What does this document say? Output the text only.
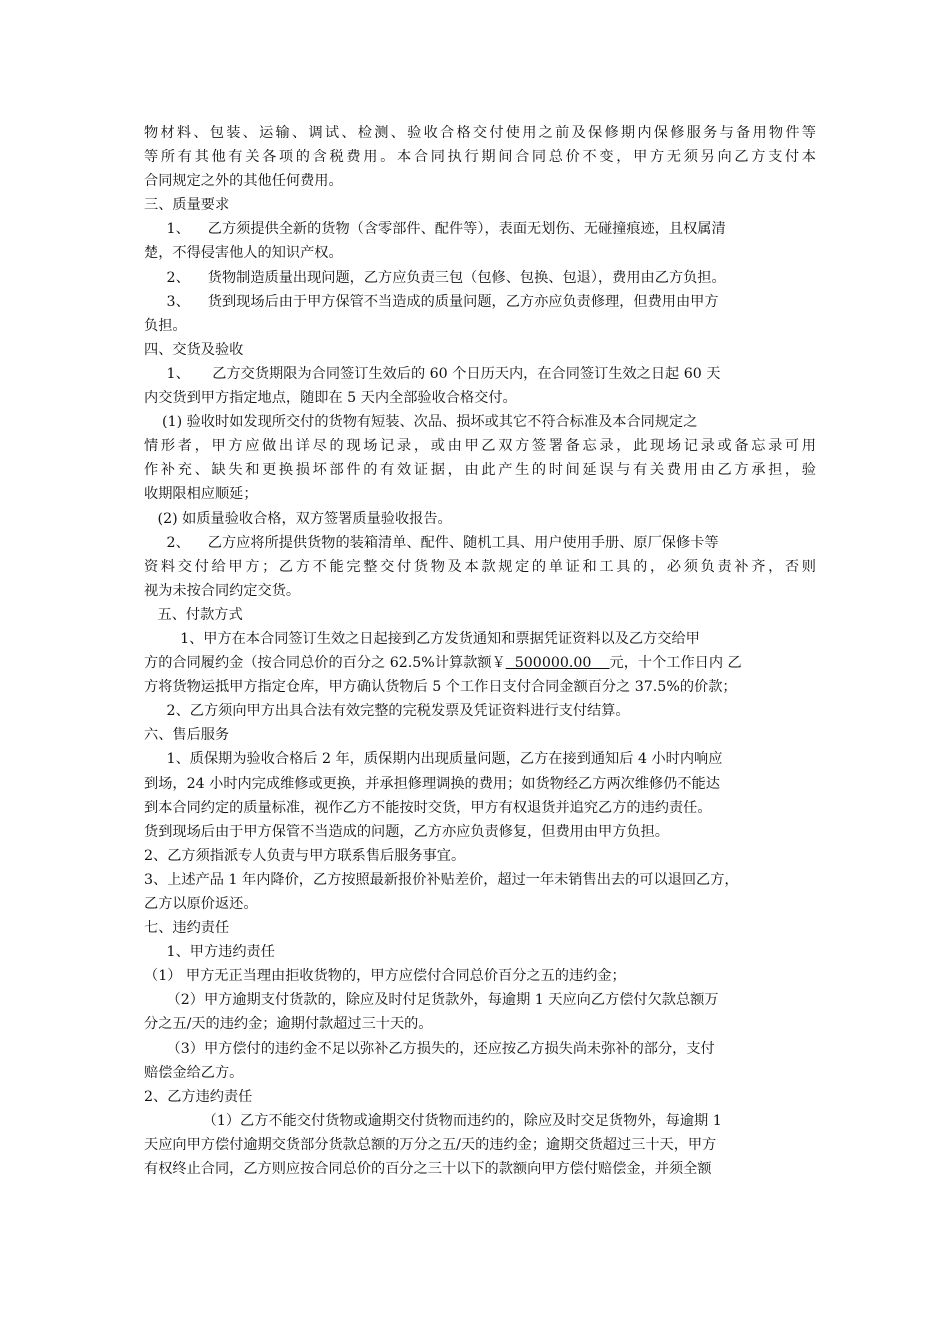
物材料、包装、运输、调试、检测、验收合格交付使用之前及保修期内保修服务与备用物件等
等所有其他有关各项的含税费用。本合同执行期间合同总价不变，甲方无须另向乙方支付本
合同规定之外的其他任何费用。
三、质量要求
1、    乙方须提供全新的货物（含零部件、配件等），表面无划伤、无碰撞痕迹，且权属清
楚，不得侵害他人的知识产权。
2、    货物制造质量出现问题，乙方应负责三包（包修、包换、包退），费用由乙方负担。
3、    货到现场后由于甲方保管不当造成的质量问题，乙方亦应负责修理，但费用由甲方
负担。
四、交货及验收
1、     乙方交货期限为合同签订生效后的 60 个日历天内，在合同签订生效之日起 60 天
内交货到甲方指定地点，随即在 5 天内全部验收合格交付。
(1) 验收时如发现所交付的货物有短装、次品、损坏或其它不符合标准及本合同规定之
情形者，甲方应做出详尽的现场记录，或由甲乙双方签署备忘录，此现场记录或备忘录可用
作补充、缺失和更换损坏部件的有效证据，由此产生的时间延误与有关费用由乙方承担，验
收期限相应顺延；
(2) 如质量验收合格，双方签署质量验收报告。
2、    乙方应将所提供货物的装箱清单、配件、随机工具、用户使用手册、原厂保修卡等
资料交付给甲方；乙方不能完整交付货物及本款规定的单证和工具的，必须负责补齐，否则
视为未按合同约定交货。
五、付款方式
1、甲方在本合同签订生效之日起接到乙方发货通知和票据凭证资料以及乙方交给甲
方的合同履约金（按合同总价的百分之 62.5%计算款额￥  500000.00    元，十个工作日内 乙
方将货物运抵甲方指定仓库，甲方确认货物后 5 个工作日支付合同金额百分之 37.5%的价款；
2、乙方须向甲方出具合法有效完整的完税发票及凭证资料进行支付结算。
六、售后服务
1、质保期为验收合格后 2 年，质保期内出现质量问题，乙方在接到通知后 4 小时内响应
到场，24 小时内完成维修或更换，并承担修理调换的费用；如货物经乙方两次维修仍不能达
到本合同约定的质量标准，视作乙方不能按时交货，甲方有权退货并追究乙方的违约责任。
货到现场后由于甲方保管不当造成的问题，乙方亦应负责修复，但费用由甲方负担。
2、乙方须指派专人负责与甲方联系售后服务事宜。
3、上述产品 1 年内降价，乙方按照最新报价补贴差价，超过一年未销售出去的可以退回乙方，
乙方以原价返还。
七、违约责任
1、甲方违约责任
（1） 甲方无正当理由拒收货物的，甲方应偿付合同总价百分之五的违约金；
（2）甲方逾期支付货款的，除应及时付足货款外，每逾期 1 天应向乙方偿付欠款总额万
分之五/天的违约金；逾期付款超过三十天的。
（3）甲方偿付的违约金不足以弥补乙方损失的，还应按乙方损失尚未弥补的部分，支付
赔偿金给乙方。
2、乙方违约责任
（1）乙方不能交付货物或逾期交付货物而违约的，除应及时交足货物外，每逾期 1
天应向甲方偿付逾期交货部分货款总额的万分之五/天的违约金；逾期交货超过三十天，甲方
有权终止合同，乙方则应按合同总价的百分之三十以下的款额向甲方偿付赔偿金，并须全额
